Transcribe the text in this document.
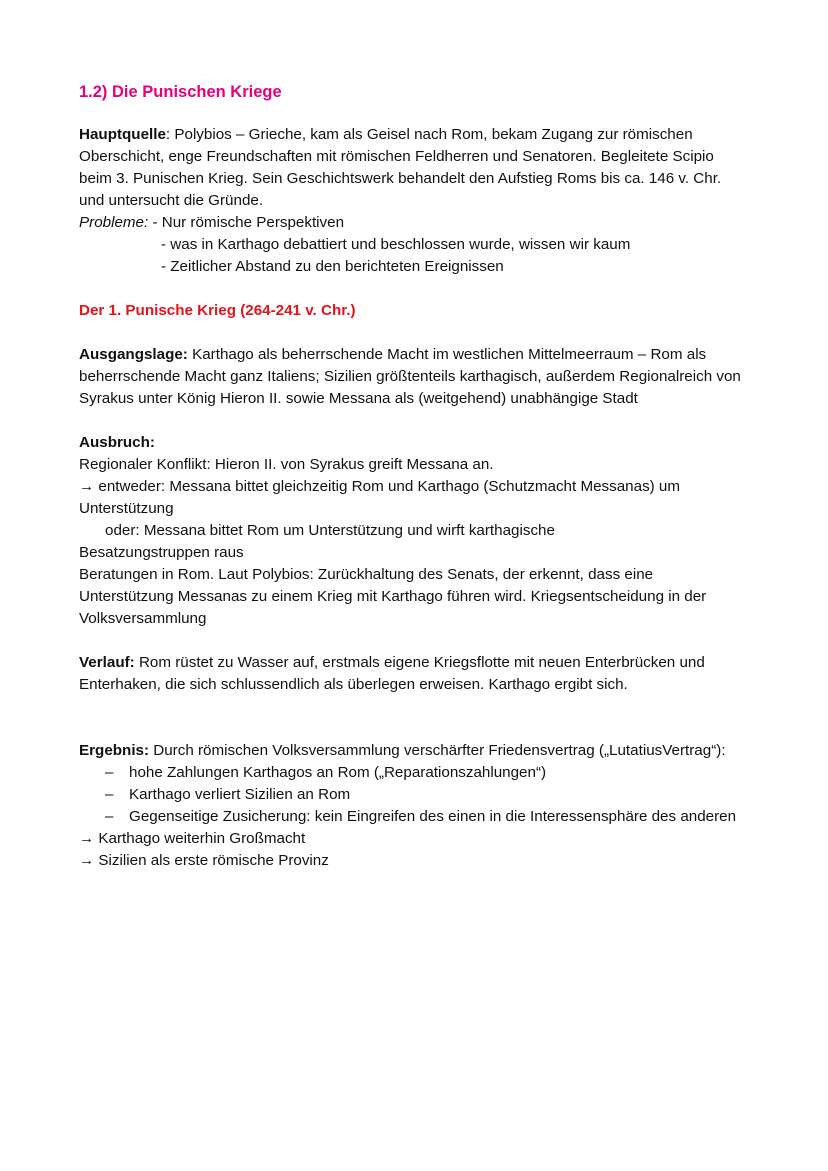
1.2) Die Punischen Kriege

Hauptquelle: Polybios – Grieche, kam als Geisel nach Rom, bekam Zugang zur römischen Oberschicht, enge Freundschaften mit römischen Feldherren und Senatoren. Begleitete Scipio beim 3. Punischen Krieg. Sein Geschichtswerk behandelt den Aufstieg Roms bis ca. 146 v. Chr. und untersucht die Gründe.

Probleme: - Nur römische Perspektiven

- was in Karthago debattiert und beschlossen wurde, wissen wir kaum

- Zeitlicher Abstand zu den berichteten Ereignissen

Der 1. Punische Krieg (264-241 v. Chr.)

Ausgangslage: Karthago als beherrschende Macht im westlichen Mittelmeerraum – Rom als beherrschende Macht ganz Italiens; Sizilien größtenteils karthagisch, außerdem Regionalreich von Syrakus unter König Hieron II. sowie Messana als (weitgehend) unabhängige Stadt

Ausbruch:

Regionaler Konflikt: Hieron II. von Syrakus greift Messana an.

→ entweder: Messana bittet gleichzeitig Rom und Karthago (Schutzmacht Messanas) um Unterstützung

oder: Messana bittet Rom um Unterstützung und wirft karthagische

Besatzungstruppen raus

Beratungen in Rom. Laut Polybios: Zurückhaltung des Senats, der erkennt, dass eine Unterstützung Messanas zu einem Krieg mit Karthago führen wird. Kriegsentscheidung in der Volksversammlung

Verlauf: Rom rüstet zu Wasser auf, erstmals eigene Kriegsflotte mit neuen Enterbrücken und Enterhaken, die sich schlussendlich als überlegen erweisen. Karthago ergibt sich.

Ergebnis: Durch römischen Volksversammlung verschärfter Friedensvertrag („LutatiusVertrag“):

– hohe Zahlungen Karthagos an Rom („Reparationszahlungen“)
– Karthago verliert Sizilien an Rom
– Gegenseitige Zusicherung: kein Eingreifen des einen in die Interessensphäre des anderen

→ Karthago weiterhin Großmacht

→ Sizilien als erste römische Provinz
